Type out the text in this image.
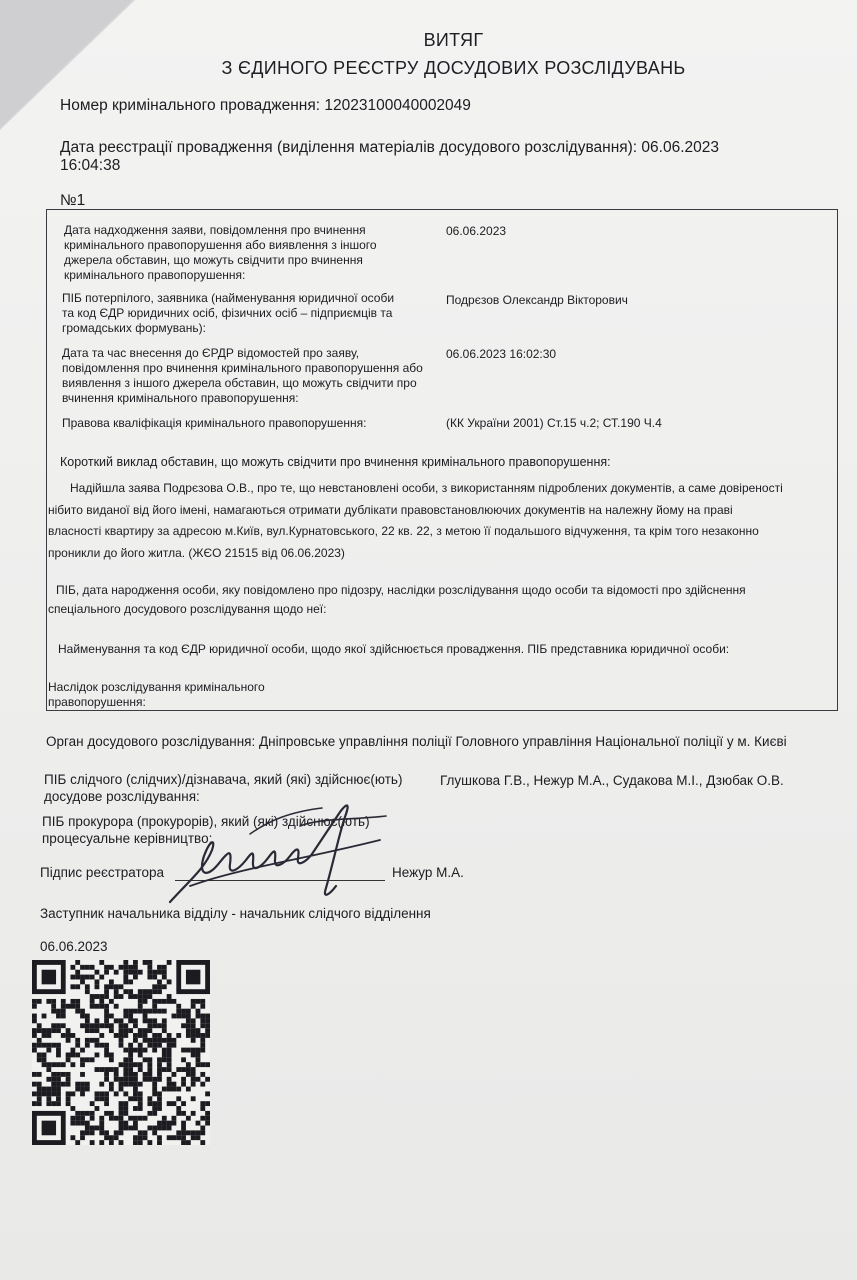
ВИТЯГ
З ЄДИНОГО РЕЄСТРУ ДОСУДОВИХ РОЗСЛІДУВАНЬ
Номер кримінального провадження: 12023100040002049
Дата реєстрації провадження (виділення матеріалів досудового розслідування): 06.06.2023
16:04:38
№1
Дата надходження заяви, повідомлення про вчинення
кримінального правопорушення або виявлення з іншого
джерела обставин, що можуть свідчити про вчинення
кримінального правопорушення:
06.06.2023
ПІБ потерпілого, заявника (найменування юридичної особи
та код ЄДР юридичних осіб, фізичних осіб – підприємців та
громадських формувань):
Подрєзов Олександр Вікторович
Дата та час внесення до ЄРДР відомостей про заяву,
повідомлення про вчинення кримінального правопорушення або
виявлення з іншого джерела обставин, що можуть свідчити про
вчинення кримінального правопорушення:
06.06.2023 16:02:30
Правова кваліфікація кримінального правопорушення:	(КК України 2001) Ст.15 ч.2; СТ.190 Ч.4
Короткий виклад обставин, що можуть свідчити про вчинення кримінального правопорушення:
Надійшла заява Подрєзова О.В., про те, що невстановлені особи, з використанням підроблених документів, а саме довіреності
нібито виданої від його імені, намагаються отримати дублікати правовстановлюючих документів на належну йому на праві
власності квартиру за адресою м.Київ, вул.Курнатовського, 22 кв. 22, з метою її подальшого відчуження, та крім того незаконно
проникли до його житла. (ЖЄО 21515 від 06.06.2023)
ПІБ, дата народження особи, яку повідомлено про підозру, наслідки розслідування щодо особи та відомості про здійснення
спеціального досудового розслідування щодо неї:
Найменування та код ЄДР юридичної особи, щодо якої здійснюється провадження. ПІБ представника юридичної особи:
Наслідок розслідування кримінального
правопорушення:
Орган досудового розслідування: Дніпровське управління поліції Головного управління Національної поліції у м. Києві
ПІБ слідчого (слідчих)/дізнавача, який (які) здійснює(ють)
досудове розслідування:
Глушкова Г.В., Нежур М.А., Судакова М.І., Дзюбак О.В.
ПІБ прокурора (прокурорів), який (які) здійснює(ють)
процесуальне керівництво:
Підпис реєстратора	Нежур М.А.
Заступник начальника відділу - начальник слідчого відділення
06.06.2023
